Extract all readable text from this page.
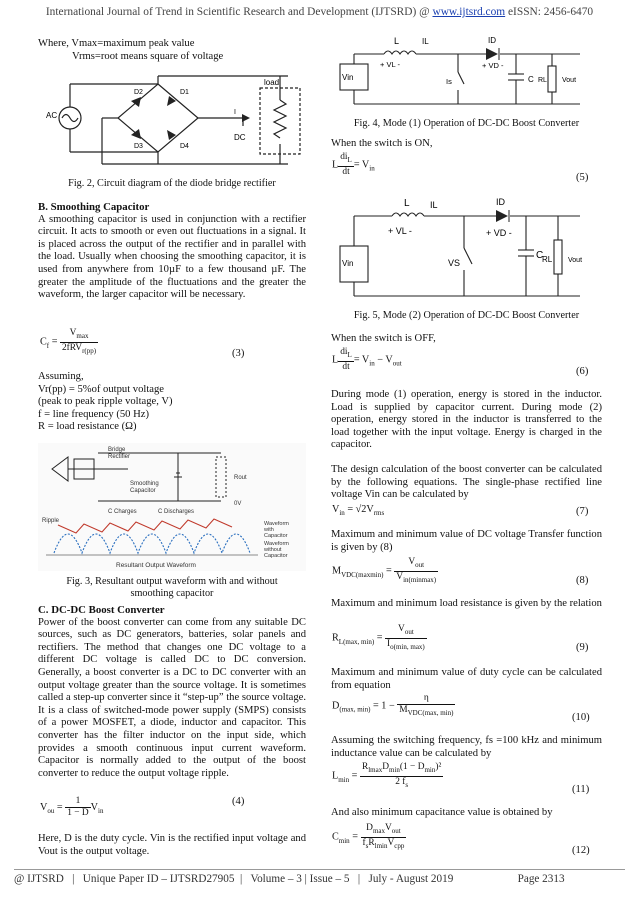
International Journal of Trend in Scientific Research and Development (IJTSRD) @ www.ijtsrd.com eISSN: 2456-6470

Where, Vmax=maximum peak value

Vrms=root means square of voltage

AC
D2	D1
D3	D4
load
DC
I
Fig. 2, Circuit diagram of the diode bridge rectifier

B. Smoothing Capacitor

A smoothing capacitor is used in conjunction with a rectifier circuit. It acts to smooth or even out fluctuations in a signal. It is placed across the output of the rectifier and in parallel with the load. Usually when choosing the smoothing capacitor, it is used from anywhere from 10µF to a few thousand µF. The greater the amplitude of the fluctuations and the greater the waveform, the larger capacitor will be necessary.

$C_f = \frac{V_{max}}{2fRV_{r(pp)}}$	(3)

Assuming,

Vr(pp) = 5%of output voltage

(peak to peak ripple voltage, V)

f = line frequency (50 Hz)

R = load resistance (Ω)

Bridge
Rectifier
Smoothing
Capacitor
Rout
0V
Ripple
C Charges	C Discharges
Waveform
with
Capacitor
Waveform
without
Capacitor
Resultant Output Waveform

Fig. 3, Resultant output waveform with and without

smoothing capacitor

C. DC-DC Boost Converter

Power of the boost converter can come from any suitable DC sources, such as DC generators, batteries, solar panels and rectifiers. The method that changes one DC voltage to a different DC voltage is called DC to DC conversion. Generally, a boost converter is a DC to DC converter with an output voltage greater than the source voltage. It is sometimes called a step-up converter since it “step-up” the source voltage. It is a class of switched-mode power supply (SMPS) consists of a power MOSFET, a diode, inductor and capacitor. This converter has the filter inductor on the input side, which provides a smooth continuous input current waveform. Capacitor is normally added to the output of the boost converter to reduce the output voltage ripple.

$V_{ou} = \frac{1}{1 - D} V_{in}$
(4)
Here, D is the duty cycle. Vin is the rectified input voltage and Vout is the output voltage.
Vin
L	IL
+ VL -
ID
+ VD -
Is	C RL Vout
Fig. 4, Mode (1) Operation of DC-DC Boost Converter
When the switch is ON,
L $\frac{di_L}{dt} = V_{in}$
(5)
Vin
L IL
+ VL -
ID
+ VD -
VS
C
RL Vout
Fig. 5, Mode (2) Operation of DC-DC Boost Converter
When the switch is OFF,
L $\frac{di_L}{dt} = V_{in} - V_{out}$
(6)
During mode (1) operation, energy is stored in the inductor. Load is supplied by capacitor current. During mode (2) operation, energy stored in the inductor is transferred to the load together with the input voltage. Energy is charged in the capacitor.
The design calculation of the boost converter can be calculated by the following equations. The single-phase rectified line voltage Vin can be calculated by
$V_{in} = √2V_{rms}$	(7)
Maximum and minimum value of DC voltage Transfer function is given by (8)
$M_{VDC(maxmin)} = \frac{V_{out}}{V_{in(minmax)}}$	(8)
Maximum and minimum load resistance is given by the relation
$R_{L(max, min)} = \frac{V_{out}}{I_{o(min, max)}}$	(9)
Maximum and minimum value of duty cycle can be calculated from equation
$D_{(max, min)} = 1 - \frac{\eta}{M_{VDC(max, min)}}$	(10)
Assuming the switching frequency, fs =100 kHz and minimum inductance value can be calculated by
$L_{min} = \frac{R_{lmax}D_{min}(1 - D_{min})^2}{2 f_s}$	(11)
And also minimum capacitance value is obtained by
$C_{min} = \frac{D_{max}V_{out}}{f_sR_{lmin}V_{cpp}}$	(12)
@ IJTSRD   |   Unique Paper ID – IJTSRD27905  |   Volume – 3 | Issue – 5   |   July - August 2019                       Page 2313
